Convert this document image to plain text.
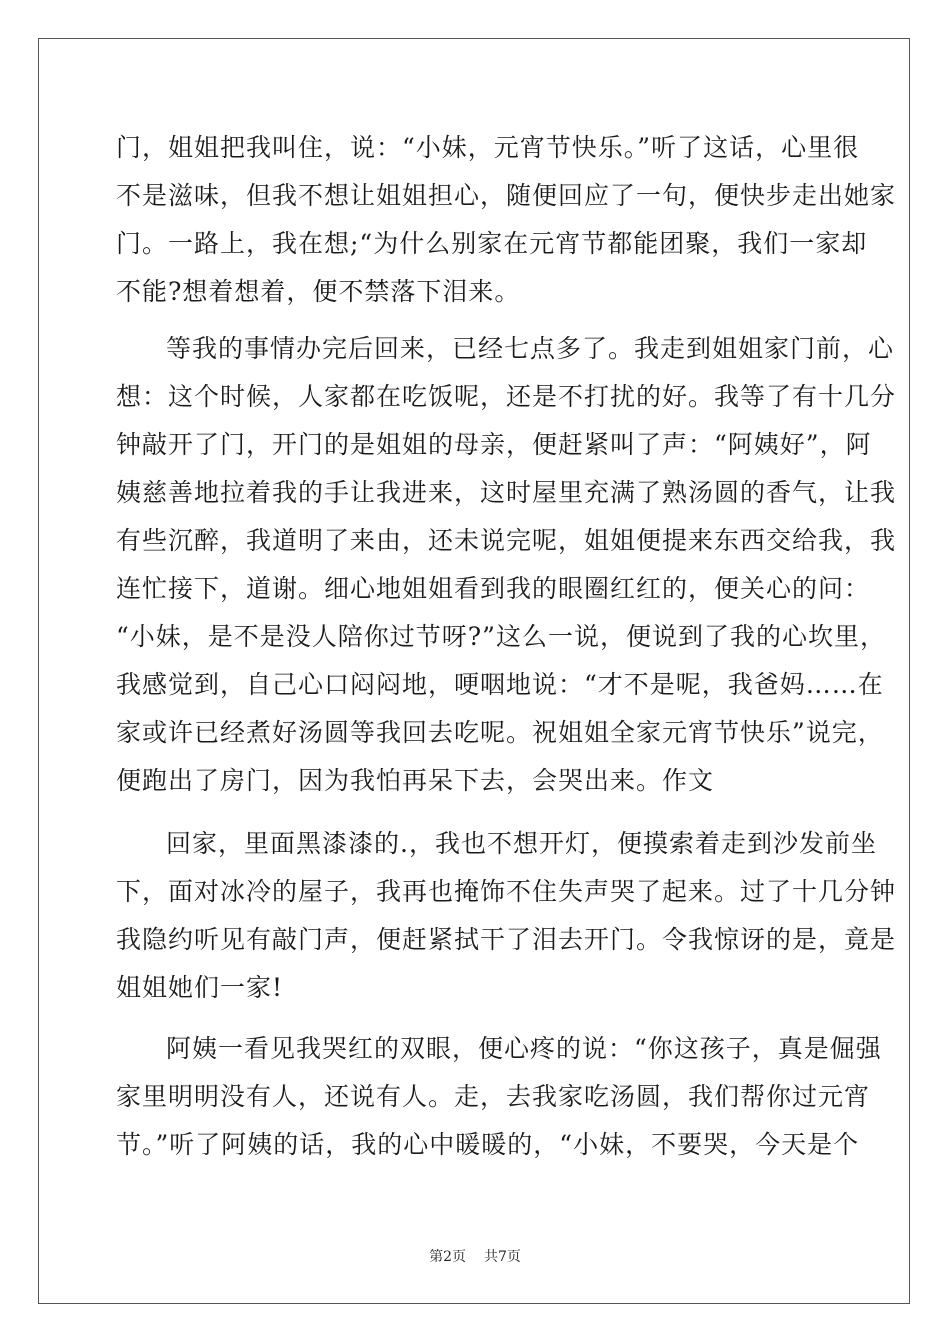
门，姐姐把我叫住，说：“小妹，元宵节快乐。”听了这话，心里很
不是滋味，但我不想让姐姐担心，随便回应了一句，便快步走出她家
门。一路上，我在想;“为什么别家在元宵节都能团聚，我们一家却
不能?想着想着，便不禁落下泪来。
等我的事情办完后回来，已经七点多了。我走到姐姐家门前，心
想：这个时候，人家都在吃饭呢，还是不打扰的好。我等了有十几分
钟敲开了门，开门的是姐姐的母亲，便赶紧叫了声：“阿姨好”，阿
姨慈善地拉着我的手让我进来，这时屋里充满了熟汤圆的香气，让我
有些沉醉，我道明了来由，还未说完呢，姐姐便提来东西交给我，我
连忙接下，道谢。细心地姐姐看到我的眼圈红红的，便关心的问：
“小妹，是不是没人陪你过节呀?”这么一说，便说到了我的心坎里，
我感觉到，自己心口闷闷地，哽咽地说：“才不是呢，我爸妈……在
家或许已经煮好汤圆等我回去吃呢。祝姐姐全家元宵节快乐”说完，
便跑出了房门，因为我怕再呆下去，会哭出来。作文
回家，里面黑漆漆的.，我也不想开灯，便摸索着走到沙发前坐
下，面对冰冷的屋子，我再也掩饰不住失声哭了起来。过了十几分钟
我隐约听见有敲门声，便赶紧拭干了泪去开门。令我惊讶的是，竟是
姐姐她们一家!
阿姨一看见我哭红的双眼，便心疼的说：“你这孩子，真是倔强
家里明明没有人，还说有人。走，去我家吃汤圆，我们帮你过元宵
节。”听了阿姨的话，我的心中暖暖的，“小妹，不要哭，今天是个
第2页 共7页
